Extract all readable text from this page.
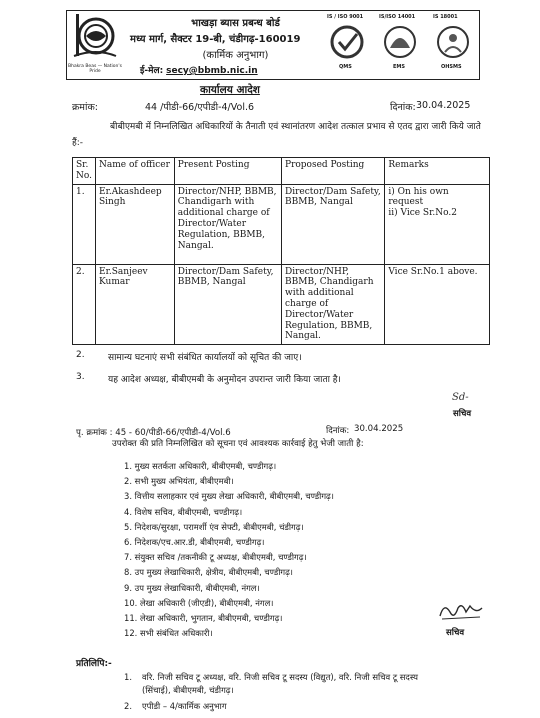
Bhakra Beas — Nation's Pride
भाखड़ा ब्यास प्रबन्ध बोर्ड
मध्य मार्ग, सैक्टर 19-बी, चंडीगढ़-160019
(कार्मिक अनुभाग)
ई-मेल: secy@bbmb.nic.in
IS / ISO 9001	IS/ISO 14001	IS 18001
QMS	EMS	OHSMS
कार्यालय आदेश
क्रमांक:	44 /पीडी-66/एपीडी-4/Vol.6	दिनांक: 30.04.2025
बीबीएमबी में निम्नलिखित अधिकारियों के तैनाती एवं स्थानांतरण आदेश तत्काल प्रभाव से एतद द्वारा जारी किये जाते हैं:-
Sr. No.	Name of officer	Present Posting	Proposed Posting	Remarks
1.	Er.Akashdeep Singh	Director/NHP, BBMB, Chandigarh with additional charge of Director/Water Regulation, BBMB, Nangal.	Director/Dam Safety, BBMB, Nangal	i) On his own request
ii) Vice Sr.No.2

2.	Er.Sanjeev Kumar	Director/Dam Safety, BBMB, Nangal	Director/NHP, BBMB, Chandigarh with additional charge of Director/Water Regulation, BBMB, Nangal.	Vice Sr.No.1 above.
2.	सामान्य घटनाएं सभी संबंधित कार्यालयों को सूचित की जाए।
3.	यह आदेश अध्यक्ष, बीबीएमबी के अनुमोदन उपरान्त जारी किया जाता है।
Sd-
सचिव
पृ. क्रमांक : 45 - 60/पीडी-66/एपीडी-4/Vol.6	दिनांक: 30.04.2025
उपरोक्त की प्रति निम्नलिखित को सूचना एवं आवश्यक कार्रवाई हेतु भेजी जाती है:
1. मुख्य सतर्कता अधिकारी, बीबीएमबी, चण्डीगढ़।
2. सभी मुख्य अभियंता, बीबीएमबी।
3. वित्तीय सलाहकार एवं मुख्य लेखा अधिकारी, बीबीएमबी, चण्डीगढ़।
4. विशेष सचिव, बीबीएमबी, चण्डीगढ़।
5. निदेशक/सुरक्षा, परामर्शी एंव सेफ्टी, बीबीएमबी, चंडीगढ़।
6. निदेशक/एच.आर.डी, बीबीएमबी, चण्डीगढ़।
7. संयुक्त सचिव /तकनीकी टू अध्यक्ष, बीबीएमबी, चण्डीगढ़।
8. उप मुख्य लेखाधिकारी, क्षेत्रीय, बीबीएमबी, चण्डीगढ़।
9. उप मुख्य लेखाधिकारी, बीबीएमबी, नंगल।
10. लेखा अधिकारी (जीएडी), बीबीएमबी, नंगल।
11. लेखा अधिकारी, भुगतान, बीबीएमबी, चण्डीगढ़।
12. सभी संबंधित अधिकारी।	सचिव
प्रतिलिपि:-
1. वरि. निजी सचिव टू अध्यक्ष, वरि. निजी सचिव टू सदस्य (विद्युत), वरि. निजी सचिव टू सदस्य
(सिंचाई), बीबीएमबी, चंडीगढ़।
2. एपीडी – 4/कार्मिक अनुभाग
